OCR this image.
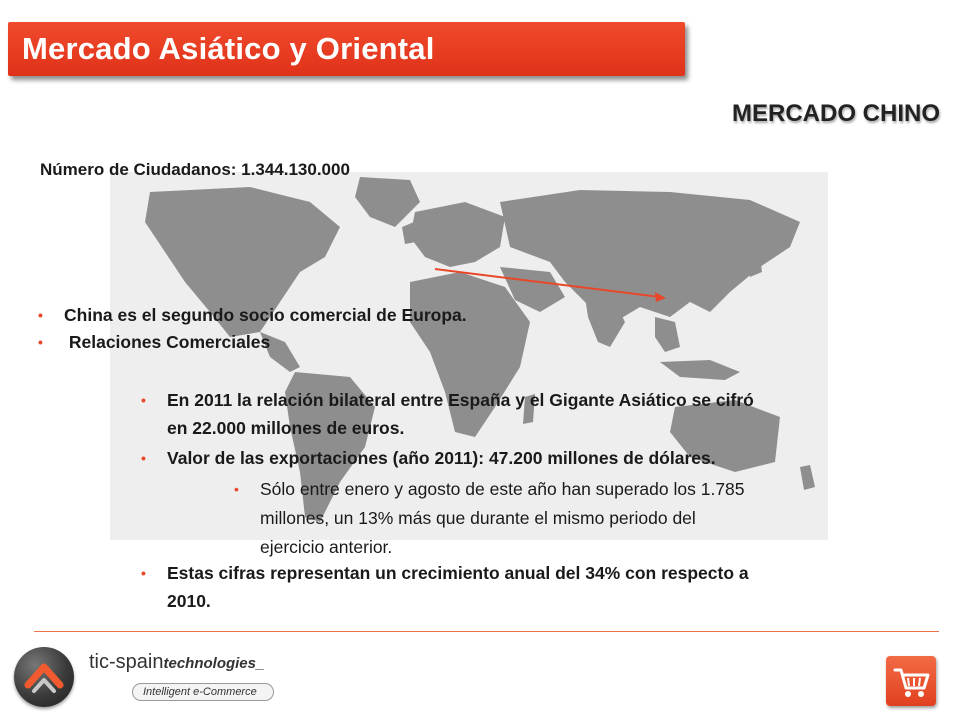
Mercado Asiático y Oriental
MERCADO CHINO
Número de Ciudadanos: 1.344.130.000
• China es el segundo socio comercial de Europa.
• Relaciones Comerciales
• En 2011 la relación bilateral entre España y el Gigante Asiático se cifró
en 22.000 millones de euros.
• Valor de las exportaciones (año 2011): 47.200 millones de dólares.
• Sólo entre enero y agosto de este año han superado los 1.785
millones, un 13% más que durante el mismo periodo del
ejercicio anterior.
• Estas cifras representan un crecimiento anual del 34% con respecto a
2010.
tic-spaintechnologies_
Intelligent e-Commerce
